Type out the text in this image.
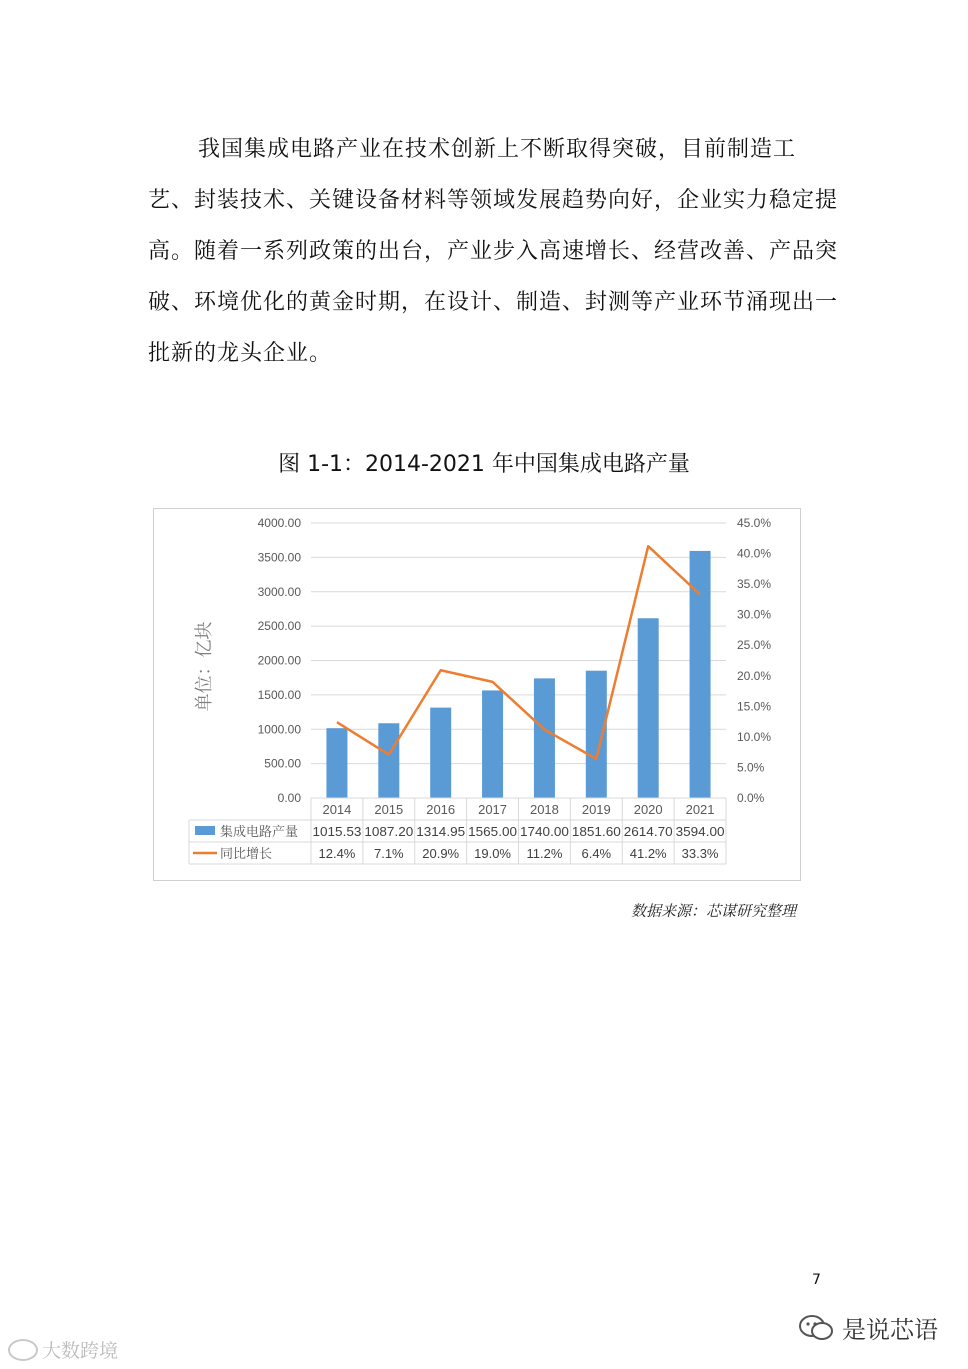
我国集成电路产业在技术创新上不断取得突破，目前制造工艺、封装技术、关键设备材料等领域发展趋势向好，企业实力稳定提高。随着一系列政策的出台，产业步入高速增长、经营改善、产品突破、环境优化的黄金时期，在设计、制造、封测等产业环节涌现出一批新的龙头企业。

图 1-1：2014-2021 年中国集成电路产量
0.00
500.00
1000.00
1500.00
2000.00
2500.00
3000.00
3500.00
4000.00
0.0%
5.0%
10.0%
15.0%
20.0%
25.0%
30.0%
35.0%
40.0%
45.0%
单位：亿块
2014 2015 2016 2017 2018 2019 2020 2021
1015.53 1087.20 1314.95 1565.00 1740.00 1851.60 2614.70 3594.00
12.4% 7.1% 20.9% 19.0% 11.2% 6.4% 41.2% 33.3%
集成电路产量
同比增长
数据来源：芯谋研究整理
7
大数跨境
是说芯语
